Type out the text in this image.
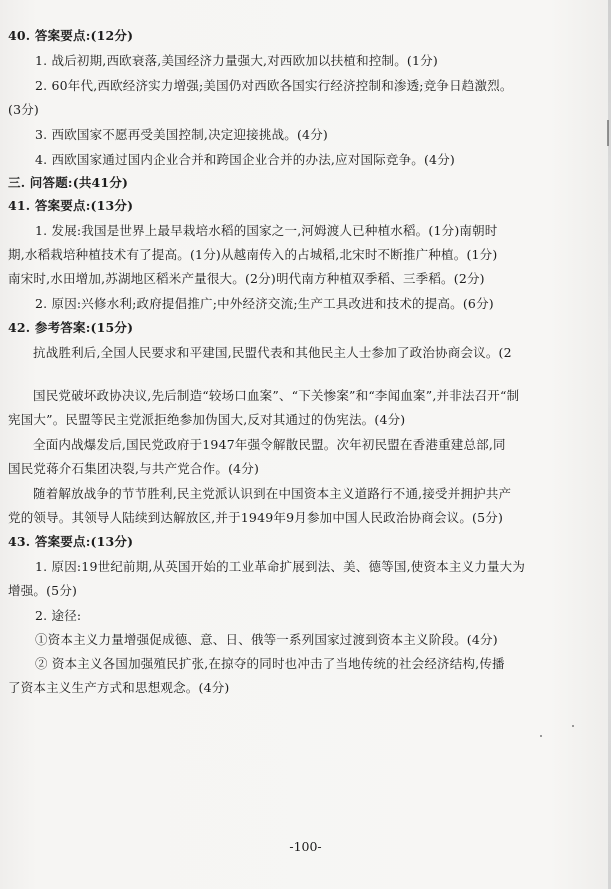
40. 答案要点:(12分)
1. 战后初期,西欧衰落,美国经济力量强大,对西欧加以扶植和控制。(1分)
2. 60年代,西欧经济实力增强;美国仍对西欧各国实行经济控制和渗透;竞争日趋激烈。
(3分)
3. 西欧国家不愿再受美国控制,决定迎接挑战。(4分)
4. 西欧国家通过国内企业合并和跨国企业合并的办法,应对国际竞争。(4分)
三. 问答题:(共41分)
41. 答案要点:(13分)
1. 发展:我国是世界上最早栽培水稻的国家之一,河姆渡人已种植水稻。(1分)南朝时
期,水稻栽培种植技术有了提高。(1分)从越南传入的占城稻,北宋时不断推广种植。(1分)
南宋时,水田增加,苏湖地区稻米产量很大。(2分)明代南方种植双季稻、三季稻。(2分)
2. 原因:兴修水利;政府提倡推广;中外经济交流;生产工具改进和技术的提高。(6分)
42. 参考答案:(15分)
抗战胜利后,全国人民要求和平建国,民盟代表和其他民主人士参加了政治协商会议。(2
国民党破坏政协决议,先后制造“较场口血案”、“下关惨案”和“李闻血案”,并非法召开“制
宪国大”。民盟等民主党派拒绝参加伪国大,反对其通过的伪宪法。(4分)
全面内战爆发后,国民党政府于1947年强令解散民盟。次年初民盟在香港重建总部,同
国民党蒋介石集团决裂,与共产党合作。(4分)
随着解放战争的节节胜利,民主党派认识到在中国资本主义道路行不通,接受并拥护共产
党的领导。其领导人陆续到达解放区,并于1949年9月参加中国人民政治协商会议。(5分)
43. 答案要点:(13分)
1. 原因:19世纪前期,从英国开始的工业革命扩展到法、美、德等国,使资本主义力量大为
增强。(5分)
2. 途径:
①资本主义力量增强促成德、意、日、俄等一系列国家过渡到资本主义阶段。(4分)
② 资本主义各国加强殖民扩张,在掠夺的同时也冲击了当地传统的社会经济结构,传播
了资本主义生产方式和思想观念。(4分)
-100-
